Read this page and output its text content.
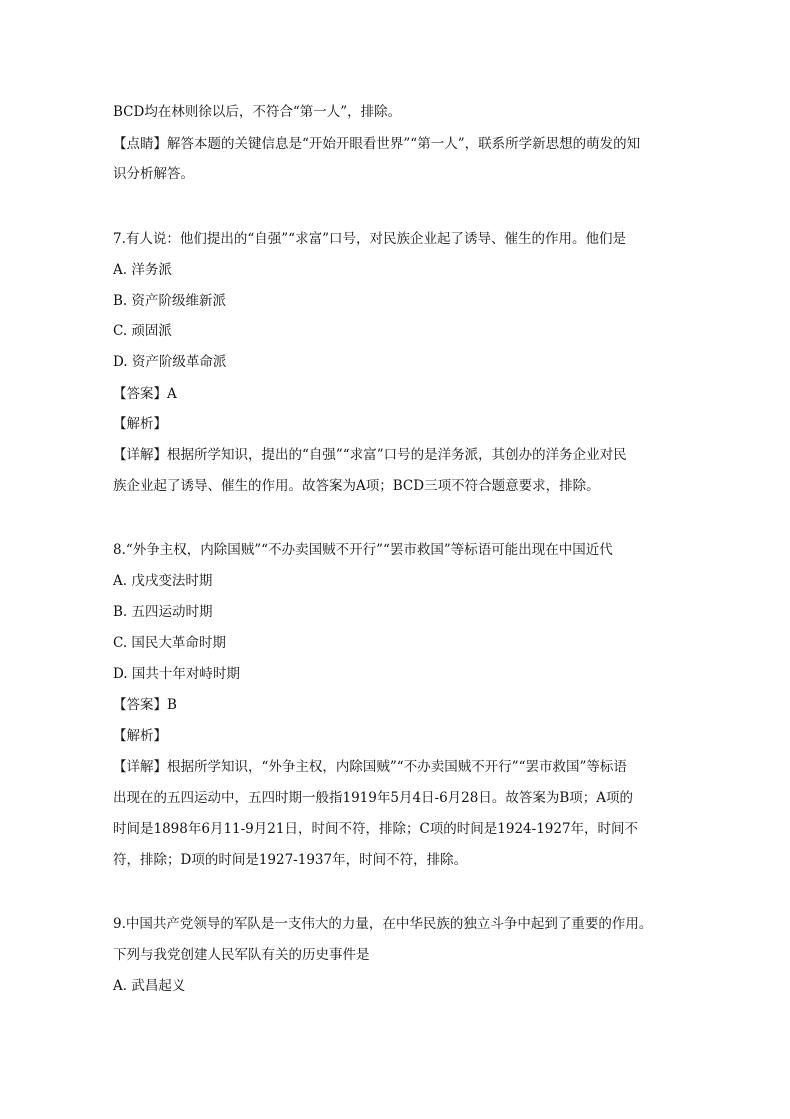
BCD均在林则徐以后，不符合“第一人”，排除。
【点睛】解答本题的关键信息是“开始开眼看世界”“第一人”，联系所学新思想的萌发的知
识分析解答。
7.有人说：他们提出的“自强”“求富”口号，对民族企业起了诱导、催生的作用。他们是
A. 洋务派
B. 资产阶级维新派
C. 顽固派
D. 资产阶级革命派
【答案】A
【解析】
【详解】根据所学知识，提出的“自强”“求富”口号的是洋务派，其创办的洋务企业对民
族企业起了诱导、催生的作用。故答案为A项；BCD三项不符合题意要求，排除。
8.“外争主权，内除国贼”“不办卖国贼不开行”“罢市救国”等标语可能出现在中国近代
A. 戊戌变法时期
B. 五四运动时期
C. 国民大革命时期
D. 国共十年对峙时期
【答案】B
【解析】
【详解】根据所学知识，“外争主权，内除国贼”“不办卖国贼不开行”“罢市救国”等标语
出现在的五四运动中，五四时期一般指1919年5月4日-6月28日。故答案为B项；A项的
时间是1898年6月11-9月21日，时间不符，排除；C项的时间是1924-1927年，时间不
符，排除；D项的时间是1927-1937年，时间不符，排除。
9.中国共产党领导的军队是一支伟大的力量，在中华民族的独立斗争中起到了重要的作用。
下列与我党创建人民军队有关的历史事件是
A. 武昌起义
